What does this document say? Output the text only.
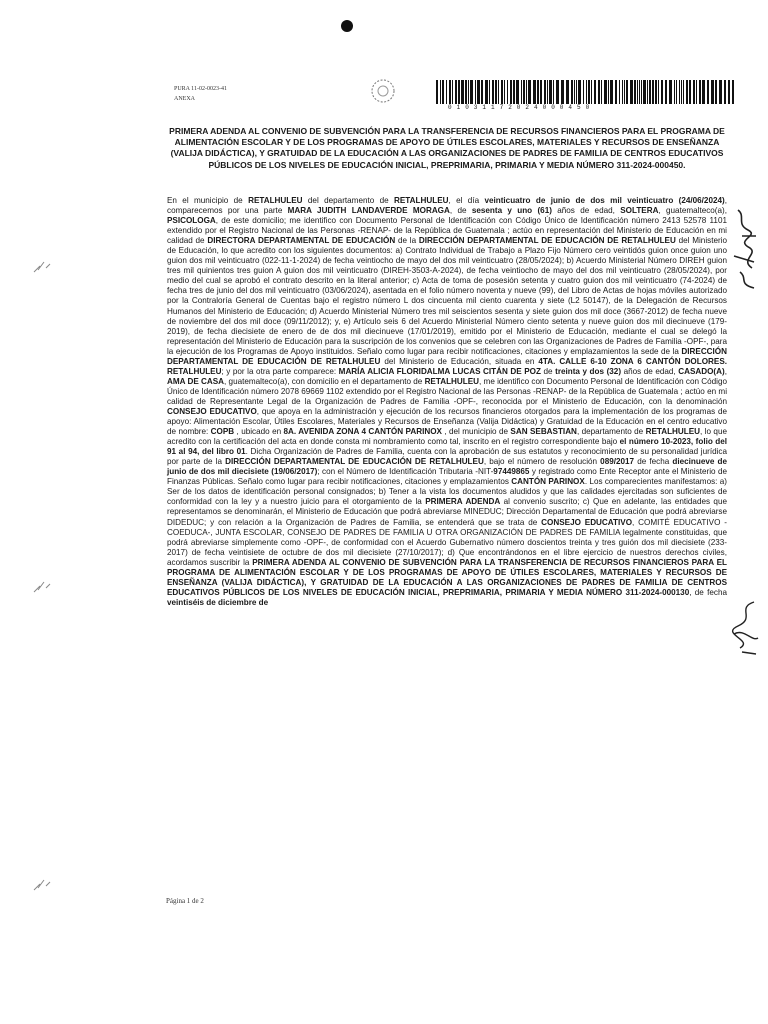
PURA 11-02-0023-41
ANEXA
01031172024000450
PRIMERA ADENDA AL CONVENIO DE SUBVENCIÓN PARA LA TRANSFERENCIA DE RECURSOS FINANCIEROS PARA EL PROGRAMA DE ALIMENTACIÓN ESCOLAR Y DE LOS PROGRAMAS DE APOYO DE ÚTILES ESCOLARES, MATERIALES Y RECURSOS DE ENSEÑANZA (VALIJA DIDÁCTICA), Y GRATUIDAD DE LA EDUCACIÓN A LAS ORGANIZACIONES DE PADRES DE FAMILIA DE CENTROS EDUCATIVOS PÚBLICOS DE LOS NIVELES DE EDUCACIÓN INICIAL, PREPRIMARIA, PRIMARIA Y MEDIA NÚMERO 311-2024-000450.

En el municipio de RETALHULEU del departamento de RETALHULEU, el día veinticuatro de junio de dos mil veinticuatro (24/06/2024), comparecemos por una parte MARA JUDITH LANDAVERDE MORAGA, de sesenta y uno (61) años de edad, SOLTERA, guatemalteco(a), PSICOLOGA, de este domicilio; me identifico con Documento Personal de Identificación con Código Único de Identificación número 2413 52578 1101 extendido por el Registro Nacional de las Personas -RENAP- de la República de Guatemala ; actúo en representación del Ministerio de Educación en mi calidad de DIRECTORA DEPARTAMENTAL DE EDUCACIÓN de la DIRECCIÓN DEPARTAMENTAL DE EDUCACIÓN DE RETALHULEU del Ministerio de Educación, lo que acredito con los siguientes documentos: a) Contrato Individual de Trabajo a Plazo Fijo Número cero veintidós guion once guion uno guion dos mil veinticuatro (022-11-1-2024) de fecha veintiocho de mayo del dos mil veinticuatro (28/05/2024); b) Acuerdo Ministerial Número DIREH guion tres mil quinientos tres guion A guion dos mil veinticuatro (DIREH-3503-A-2024), de fecha veintiocho de mayo del dos mil veinticuatro (28/05/2024), por medio del cual se aprobó el contrato descrito en la literal anterior; c) Acta de toma de posesión setenta y cuatro guion dos mil veinticuatro (74-2024) de fecha tres de junio del dos mil veinticuatro (03/06/2024), asentada en el folio número noventa y nueve (99), del Libro de Actas de hojas móviles autorizado por la Contraloría General de Cuentas bajo el registro número L dos cincuenta mil ciento cuarenta y siete (L2 50147), de la Delegación de Recursos Humanos del Ministerio de Educación; d) Acuerdo Ministerial Número tres mil seiscientos sesenta y siete guion dos mil doce (3667-2012) de fecha nueve de noviembre del dos mil doce (09/11/2012); y, e) Artículo seis 6 del Acuerdo Ministerial Número ciento setenta y nueve guion dos mil diecinueve (179-2019), de fecha diecisiete de enero de de dos mil diecinueve (17/01/2019), emitido por el Ministerio de Educación, mediante el cual se delegó la representación del Ministerio de Educación para la suscripción de los convenios que se celebren con las Organizaciones de Padres de Familia -OPF-, para la ejecución de los Programas de Apoyo instituidos. Señalo como lugar para recibir notificaciones, citaciones y emplazamientos la sede de la DIRECCIÓN DEPARTAMENTAL DE EDUCACIÓN DE RETALHULEU del Ministerio de Educación, situada en 4TA. CALLE 6-10 ZONA 6 CANTÓN DOLORES. RETALHULEU; y por la otra parte comparece: MARÍA ALICIA FLORIDALMA LUCAS CITÁN DE POZ de treinta y dos (32) años de edad, CASADO(A), AMA DE CASA, guatemalteco(a), con domicilio en el departamento de RETALHULEU, me identifico con Documento Personal de Identificación con Código Único de Identificación número 2078 69669 1102 extendido por el Registro Nacional de las Personas -RENAP- de la República de Guatemala ; actúo en mi calidad de Representante Legal de la Organización de Padres de Familia -OPF-, reconocida por el Ministerio de Educación, con la denominación CONSEJO EDUCATIVO, que apoya en la administración y ejecución de los recursos financieros otorgados para la implementación de los programas de apoyo: Alimentación Escolar, Útiles Escolares, Materiales y Recursos de Enseñanza (Valija Didáctica) y Gratuidad de la Educación en el centro educativo de nombre: COPB , ubicado en 8A. AVENIDA ZONA 4 CANTÓN PARINOX , del municipio de SAN SEBASTIAN, departamento de RETALHULEU, lo que acredito con la certificación del acta en donde consta mi nombramiento como tal, inscrito en el registro correspondiente bajo el número 10-2023, folio del 91 al 94, del libro 01. Dicha Organización de Padres de Familia, cuenta con la aprobación de sus estatutos y reconocimiento de su personalidad jurídica por parte de la DIRECCIÓN DEPARTAMENTAL DE EDUCACIÓN DE RETALHULEU, bajo el número de resolución 089/2017 de fecha diecinueve de junio de dos mil diecisiete (19/06/2017); con el Número de Identificación Tributaria -NIT-97449865 y registrado como Ente Receptor ante el Ministerio de Finanzas Públicas. Señalo como lugar para recibir notificaciones, citaciones y emplazamientos CANTÓN PARINOX. Los comparecientes manifestamos: a) Ser de los datos de identificación personal consignados; b) Tener a la vista los documentos aludidos y que las calidades ejercitadas son suficientes de conformidad con la ley y a nuestro juicio para el otorgamiento de la PRIMERA ADENDA al convenio suscrito; c) Que en adelante, las entidades que representamos se denominarán, el Ministerio de Educación que podrá abreviarse MINEDUC; Dirección Departamental de Educación que podrá abreviarse DIDEDUC; y con relación a la Organización de Padres de Familia, se entenderá que se trata de CONSEJO EDUCATIVO, COMITÉ EDUCATIVO -COEDUCA-, JUNTA ESCOLAR, CONSEJO DE PADRES DE FAMILIA U OTRA ORGANIZACIÓN DE PADRES DE FAMILIA legalmente constituidas, que podrá abreviarse simplemente como -OPF-, de conformidad con el Acuerdo Gubernativo número doscientos treinta y tres guión dos mil diecisiete (233-2017) de fecha veintisiete de octubre de dos mil diecisiete (27/10/2017); d) Que encontrándonos en el libre ejercicio de nuestros derechos civiles, acordamos suscribir la PRIMERA ADENDA AL CONVENIO DE SUBVENCIÓN PARA LA TRANSFERENCIA DE RECURSOS FINANCIEROS PARA EL PROGRAMA DE ALIMENTACIÓN ESCOLAR Y DE LOS PROGRAMAS DE APOYO DE ÚTILES ESCOLARES, MATERIALES Y RECURSOS DE ENSEÑANZA (VALIJA DIDÁCTICA), Y GRATUIDAD DE LA EDUCACIÓN A LAS ORGANIZACIONES DE PADRES DE FAMILIA DE CENTROS EDUCATIVOS PÚBLICOS DE LOS NIVELES DE EDUCACIÓN INICIAL, PREPRIMARIA, PRIMARIA Y MEDIA NÚMERO 311-2024-000130, de fecha veintiséis de diciembre de

Página 1 de 2
